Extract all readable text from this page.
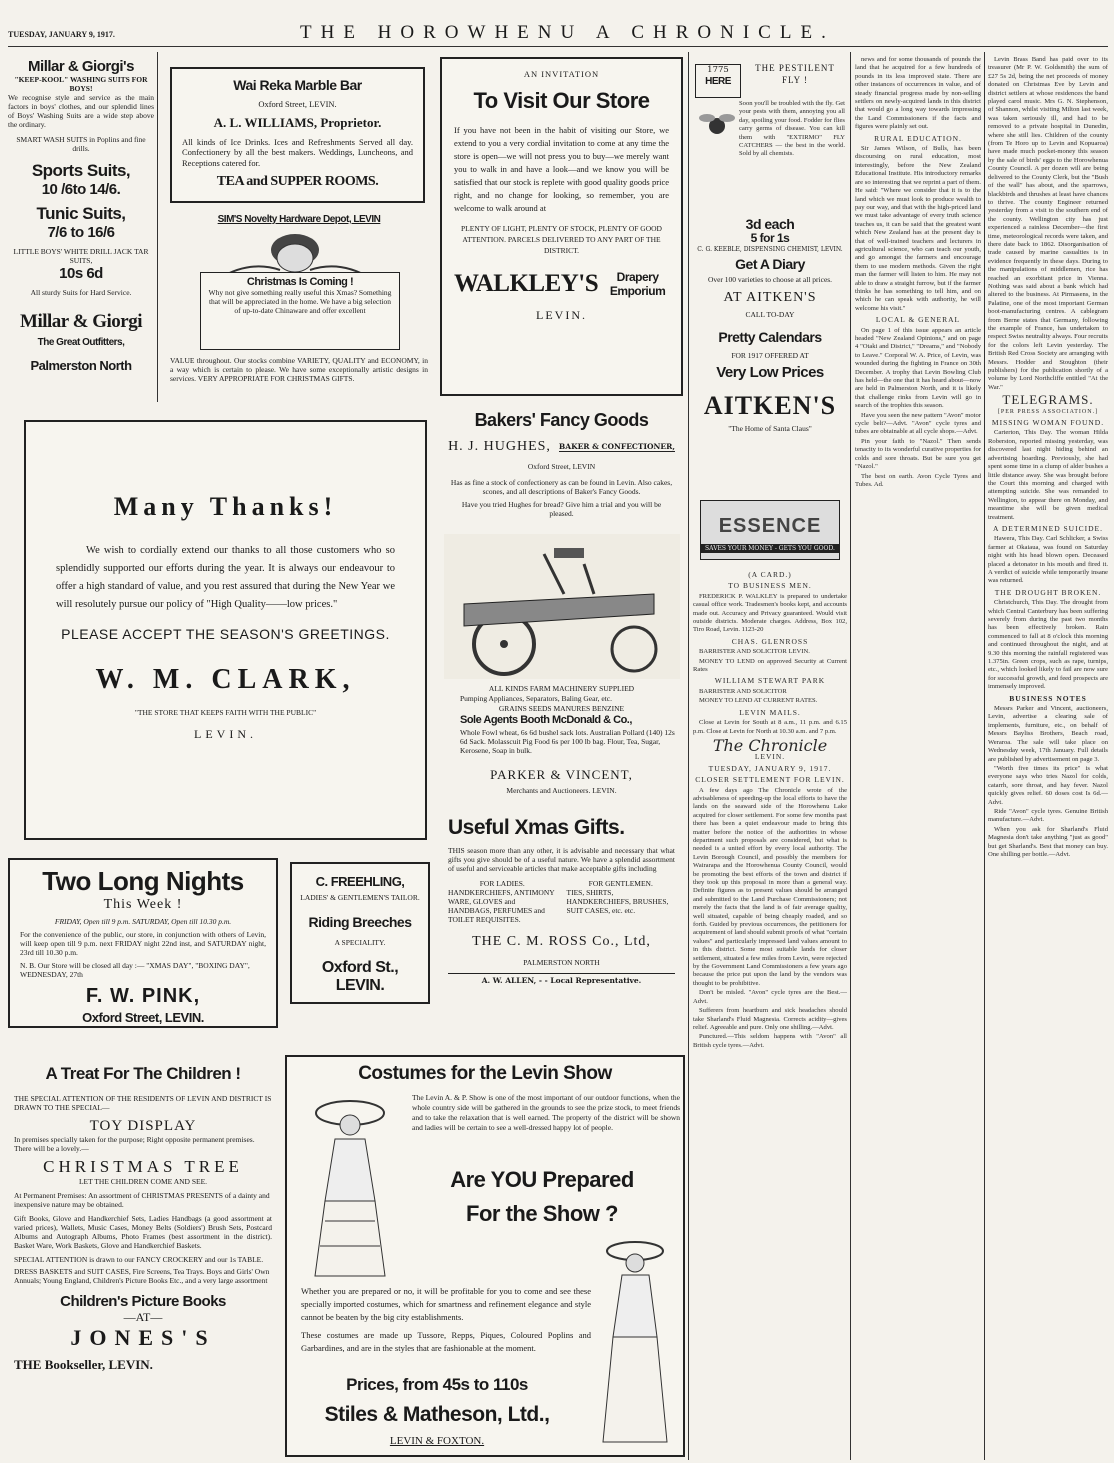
TUESDAY, JANUARY 9, 1917.	THE HOROWHENU A CHRONICLE.
Millar & Giorgi's
"KEEP-KOOL" WASHING SUITS FOR BOYS!
We recognise style and service as the main factors in boys' clothes, and our splendid lines of Boys' Washing Suits are a wide step above the ordinary.
SMART WASH SUITS in Poplins and fine drills.
Sports Suits,
10 /6to 14/6.
Tunic Suits,
7/6 to 16/6
LITTLE BOYS' WHITE DRILL JACK TAR SUITS,
10s 6d
All sturdy Suits for Hard Service.
Millar & Giorgi
The Great Outfitters,
Palmerston North
Wai Reka Marble Bar
Oxford Street, LEVIN.
A. L. WILLIAMS, Proprietor.
All kinds of Ice Drinks. Ices and Refreshments Served all day. Confectionery by all the best makers. Weddings, Luncheons, and Receptions catered for.
TEA and SUPPER ROOMS.
SIM'S Novelty Hardware Depot, LEVIN
Christmas Is Coming !
Why not give something really useful this Xmas? Something that will be appreciated in the home. We have a big selection of up-to-date Chinaware and offer excellent
VALUE throughout. Our stocks combine VARIETY, QUALITY and ECONOMY, in a way which is certain to please. We have some exceptionally artistic designs in services. VERY APPROPRIATE FOR CHRISTMAS GIFTS.
AN INVITATION
To Visit Our Store
If you have not been in the habit of visiting our Store, we extend to you a very cordial invitation to come at any time the store is open—we will not press you to buy—we merely want you to walk in and have a look—and we know you will be satisfied that our stock is replete with good quality goods price right, and no change for looking, so remember, you are welcome to walk around at
PLENTY OF LIGHT, PLENTY OF STOCK, PLENTY OF GOOD ATTENTION. PARCELS DELIVERED TO ANY PART OF THE DISTRICT.
WALKLEY'S	Drapery Emporium
LEVIN.
1775
HERE
THE PESTILENT FLY !
Soon you'll be troubled with the fly. Get your pests with them, annoying you all day, spoiling your food. Fodder for flies carry germs of disease. You can kill them with "EXTIRMO" FLY CATCHERS — the best in the world. Sold by all chemists.
3d each
5 for 1s
C. G. KEEBLE, DISPENSING CHEMIST, LEVIN.
Get A Diary
Over 100 varieties to choose at all prices.
AT AITKEN'S
CALL TO-DAY
Pretty Calendars
FOR 1917 OFFERED AT
Very Low Prices
AITKEN'S
"The Home of Santa Claus"
ESSENCE
SAVES YOUR MONEY - GETS YOU GOOD.
Many Thanks!
We wish to cordially extend our thanks to all those customers who so splendidly supported our efforts during the year. It is always our endeavour to offer a high standard of value, and you rest assured that during the New Year we will resolutely pursue our policy of "High Quality——low prices."
PLEASE ACCEPT THE SEASON'S GREETINGS.
W. M. CLARK,
"THE STORE THAT KEEPS FAITH WITH THE PUBLIC"
LEVIN.
Bakers' Fancy Goods
H. J. HUGHES, BAKER & CONFECTIONER,
Oxford Street, LEVIN
Has as fine a stock of confectionery as can be found in Levin. Also cakes, scones, and all descriptions of Baker's Fancy Goods.
Have you tried Hughes for bread? Give him a trial and you will be pleased.
ALL KINDS FARM MACHINERY SUPPLIED
Pumping Appliances, Separators, Baling Gear, etc.
GRAINS SEEDS MANURES BENZINE
Sole Agents Booth McDonald & Co.,
Whole Fowl wheat, 6s 6d bushel sack lots. Australian Pollard (140) 12s 6d Sack. Molasscuit Pig Food 6s per 100 lb bag. Flour, Tea, Sugar, Kerosene, Soap in bulk.
PARKER & VINCENT,
Merchants and Auctioneers. LEVIN.
Two Long Nights
This Week !
FRIDAY, Open till 9 p.m. SATURDAY, Open till 10.30 p.m.
For the convenience of the public, our store, in conjunction with others of Levin, will keep open till 9 p.m. next FRIDAY night 22nd inst, and SATURDAY night, 23rd till 10.30 p.m.
N. B. Our Store will be closed all day :— "XMAS DAY", "BOXING DAY", WEDNESDAY, 27th
F. W. PINK,
Oxford Street, LEVIN.
C. FREEHLING,
LADIES' & GENTLEMEN'S TAILOR.
Riding Breeches
A SPECIALITY.
Oxford St., LEVIN.
Useful Xmas Gifts.
THIS season more than any other, it is advisable and necessary that what gifts you give should be of a useful nature. We have a splendid assortment of useful and serviceable articles that make acceptable gifts including
FOR LADIES.
HANDKERCHIEFS, ANTIMONY WARE, GLOVES and HANDBAGS, PERFUMES and TOILET REQUISITES.
FOR GENTLEMEN.
TIES, SHIRTS, HANDKERCHIEFS, BRUSHES, SUIT CASES, etc. etc.
THE C. M. ROSS Co., Ltd,
PALMERSTON NORTH
A. W. ALLEN, - - Local Representative.
A Treat For The Children !
THE SPECIAL ATTENTION OF THE RESIDENTS OF LEVIN AND DISTRICT IS DRAWN TO THE SPECIAL—
TOY DISPLAY
In premises specially taken for the purpose; Right opposite permanent premises. There will be a lovely.—
CHRISTMAS TREE
LET THE CHILDREN COME AND SEE.
At Permanent Premises: An assortment of CHRISTMAS PRESENTS of a dainty and inexpensive nature may be obtained.
Gift Books, Glove and Handkerchief Sets, Ladies Handbags (a good assortment at varied prices), Wallets, Music Cases, Money Belts (Soldiers') Brush Sets, Postcard Albums and Autograph Albums, Photo Frames (best assortment in the district). Basket Ware, Work Baskets, Glove and Handkerchief Baskets.
SPECIAL ATTENTION is drawn to our FANCY CROCKERY and our 1s TABLE.
DRESS BASKETS and SUIT CASES, Fire Screens, Tea Trays. Boys and Girls' Own Annuals; Young England, Children's Picture Books Etc., and a very large assortment
Children's Picture Books
—AT—
JONES'S
THE Bookseller, LEVIN.
Costumes for the Levin Show
The Levin A. & P. Show is one of the most important of our outdoor functions, when the whole country side will be gathered in the grounds to see the prize stock, to meet friends and to take the relaxation that is well earned. The property of the district will be shown and ladies will be certain to see a well-dressed happy lot of people.
Are YOU Prepared
For the Show ?
Whether you are prepared or no, it will be profitable for you to come and see these specially imported costumes, which for smartness and refinement elegance and style cannot be beaten by the big city establishments.
These costumes are made up Tussore, Repps, Piques, Coloured Poplins and Garbardines, and are in the styles that are fashionable at the moment.
Prices, from 45s to 110s
Stiles & Matheson, Ltd.,
LEVIN & FOXTON.
(A CARD.)
TO BUSINESS MEN.

FREDERICK P. WALKLEY is prepared to undertake casual office work. Tradesmen's books kept, and accounts made out. Accuracy and Privacy guaranteed. Would visit outside districts. Moderate charges. Address, Box 102, Tiro Road, Levin. 1123-20

CHAS. GLENROSS

BARRISTER AND SOLICITOR LEVIN.

MONEY TO LEND on approved Security at Current Rates

WILLIAM STEWART PARK

BARRISTER AND SOLICITOR

MONEY TO LEND AT CURRENT RATES.

LEVIN MAILS.

Close at Levin for South at 8 a.m., 11 p.m. and 6.15 p.m. Close at Levin for North at 10.30 a.m. and 7 p.m.

The Chronicle
LEVIN.
TUESDAY, JANUARY 9, 1917.
CLOSER SETTLEMENT FOR LEVIN.

A few days ago The Chronicle wrote of the advisableness of speeding-up the local efforts to have the lands on the seaward side of the Horowhenu Lake acquired for closer settlement. For some few months past there has been a quiet endeavour made to bring this matter before the notice of the authorities in whose department such proposals are considered, but what is needed is a united effort by every local authority. The Levin Borough Council, and possibly the members for Wairarapa and the Horowhenua County Council, would be promoting the best efforts of the town and district if they took up this proposal in more than a general way. Definite figures as to present values should be arranged and submitted to the Land Purchase Commissioners; not merely the facts that the land is of fair average quality, well situated, capable of being cheaply roaded, and so forth. Guided by previous occurrences, the petitioners for acquirement of land should submit proofs of what "certain values" and particularly impressed land values amount to in this district. Some most suitable lands for closer settlement, situated a few miles from Levin, were rejected by the Government Land Commissioners a few years ago because the price put upon the land by the vendors was thought to be prohibitive.

Don't be misled. "Avon" cycle tyres are the Best.—Advt.

Sufferers from heartburn and sick headaches should take Sharland's Fluid Magnesia. Corrects acidity—gives relief. Agreeable and pure. Only one shilling.—Advt.

Punctured.—This seldom happens with "Avon" all British cycle tyres.—Advt.

news and for some thousands of pounds the land that he acquired for a few hundreds of pounds in its less improved state. There are other instances of occurrences in value, and of steady financial progress made by non-selling settlers on newly-acquired lands in this district that would go a long way towards impressing the Land Commissioners if the facts and figures were plainly set out.

RURAL EDUCATION.

Sir James Wilson, of Bulls, has been discoursing on rural education, most interestingly, before the New Zealand Educational Institute. His introductory remarks are so interesting that we reprint a part of them. He said: "Where we consider that it is to the land which we must look to produce wealth to pay our way, and that with the high-priced land we must take advantage of every truth science teaches us, it can be said that the greatest want which New Zealand has at the present day is that of well-trained teachers and lecturers in agricultural science, who can teach our youth, and go amongst the farmers and encourage them to use modern methods. Given the right man the farmer will listen to him. He may not able to draw a straight furrow, but if the farmer thinks he has something to tell him, and on which he can speak with authority, he will welcome his visit."

LOCAL & GENERAL

On page 1 of this issue appears an article headed "New Zealand Opinions," and on page 4 "Otaki and District," "Dreams," and "Nobody to Leave." Corporal W. A. Price, of Levin, was wounded during the fighting in France on 30th December. A trophy that Levin Bowling Club has held—the one that it has heard about—now are held in Palmerston North, and it is likely that challenge rinks from Levin will go in search of the trophies this season.

Have you seen the new pattern "Avon" motor cycle belt?—Advt. "Avon" cycle tyres and tubes are obtainable at all cycle shops.—Advt.

Pin your faith to "Nazol." Then sends tenacity to its wonderful curative properties for colds and sore throats. But be sure you get "Nazol."

The best on earth. Avon Cycle Tyres and Tubes. Ad.

Levin Brass Band has paid over to its treasurer (Mr P. W. Goldsmith) the sum of £27 5s 2d, being the net proceeds of money donated on Christmas Eve by Levin and district settlers at whose residences the band played carol music. Mrs G. N. Stephenson, of Shannon, whilst visiting Milton last week, was taken seriously ill, and had to be removed to a private hospital in Dunedin, where she still lies. Children of the county (from Te Horo up to Levin and Kopuaroa) have made much pocket-money this season by the sale of birds' eggs to the Horowhenua County Council. A per dozen will are being delivered to the County Clerk, but the "Bush of the wall" has about, and the sparrows, blackbirds and thrushes at least have chances to thrive. The county Engineer returned yesterday from a visit to the southern end of the county. Wellington city has just experienced a rainless December—the first time, meteorological records were taken, and there date back to 1862. Disorganisation of trade caused by marine casualties is in evidence frequently in these days. During to the manipulations of middlemen, rice has reached an exorbitant price in Vienna. Nothing was said about a bank which had altered to the business. At Pirmasens, in the Palatine, one of the most important German boot-manufacturing centres. A cablegram from Berne states that Germany, following the example of France, has undertaken to respect Swiss neutrality always. Four recruits for the colors left Levin yesterday. The British Red Cross Society are arranging with Messrs. Hodder and Stoughton (their publishers) for the publication shortly of a volume by Lord Northcliffe entitled "At the War."

TELEGRAMS.
[PER PRESS ASSOCIATION.]
MISSING WOMAN FOUND.

Carterton, This Day. The woman Hilda Roberston, reported missing yesterday, was discovered last night hiding behind an advertising hoarding. Previously, she had spent some time in a clump of alder bushes a little distance away. She was brought before the Court this morning and charged with attempting suicide. She was remanded to Wellington, to appear there on Monday, and meantime she will be given medical treatment.

A DETERMINED SUICIDE.

Hawera, This Day. Carl Schlicker, a Swiss farmer at Okaiaua, was found on Saturday night with his head blown open. Deceased placed a detonator in his mouth and fired it. A verdict of suicide while temporarily insane was returned.

THE DROUGHT BROKEN.

Christchurch, This Day. The drought from which Central Canterbury has been suffering severely from during the past two months has been effectively broken. Rain commenced to fall at 8 o'clock this morning and continued throughout the night, and at 9.30 this morning the rainfall registered was 1.375in. Green crops, such as rape, turnips, etc., which looked likely to fail are now sure for successful growth, and feed prospects are immensely improved.

BUSINESS NOTES

Messrs Parker and Vincent, auctioneers, Levin, advertise a clearing sale of implements, furniture, etc., on behalf of Messrs Bayliss Brothers, Beach road, Weraroa. The sale will take place on Wednesday week, 17th January. Full details are published by advertisement on page 3.

"Worth five times its price" is what everyone says who tries Nazol for colds, catarrh, sore throat, and hay fever. Nazol quickly gives relief. 60 doses cost Is 6d.—Advt.

Ride "Avon" cycle tyres. Genuine British manufacture.—Advt.

When you ask for Sharland's Fluid Magnesia don't take anything "just as good" but get Sharland's. Best that money can buy. One shilling per bottle.—Advt.
